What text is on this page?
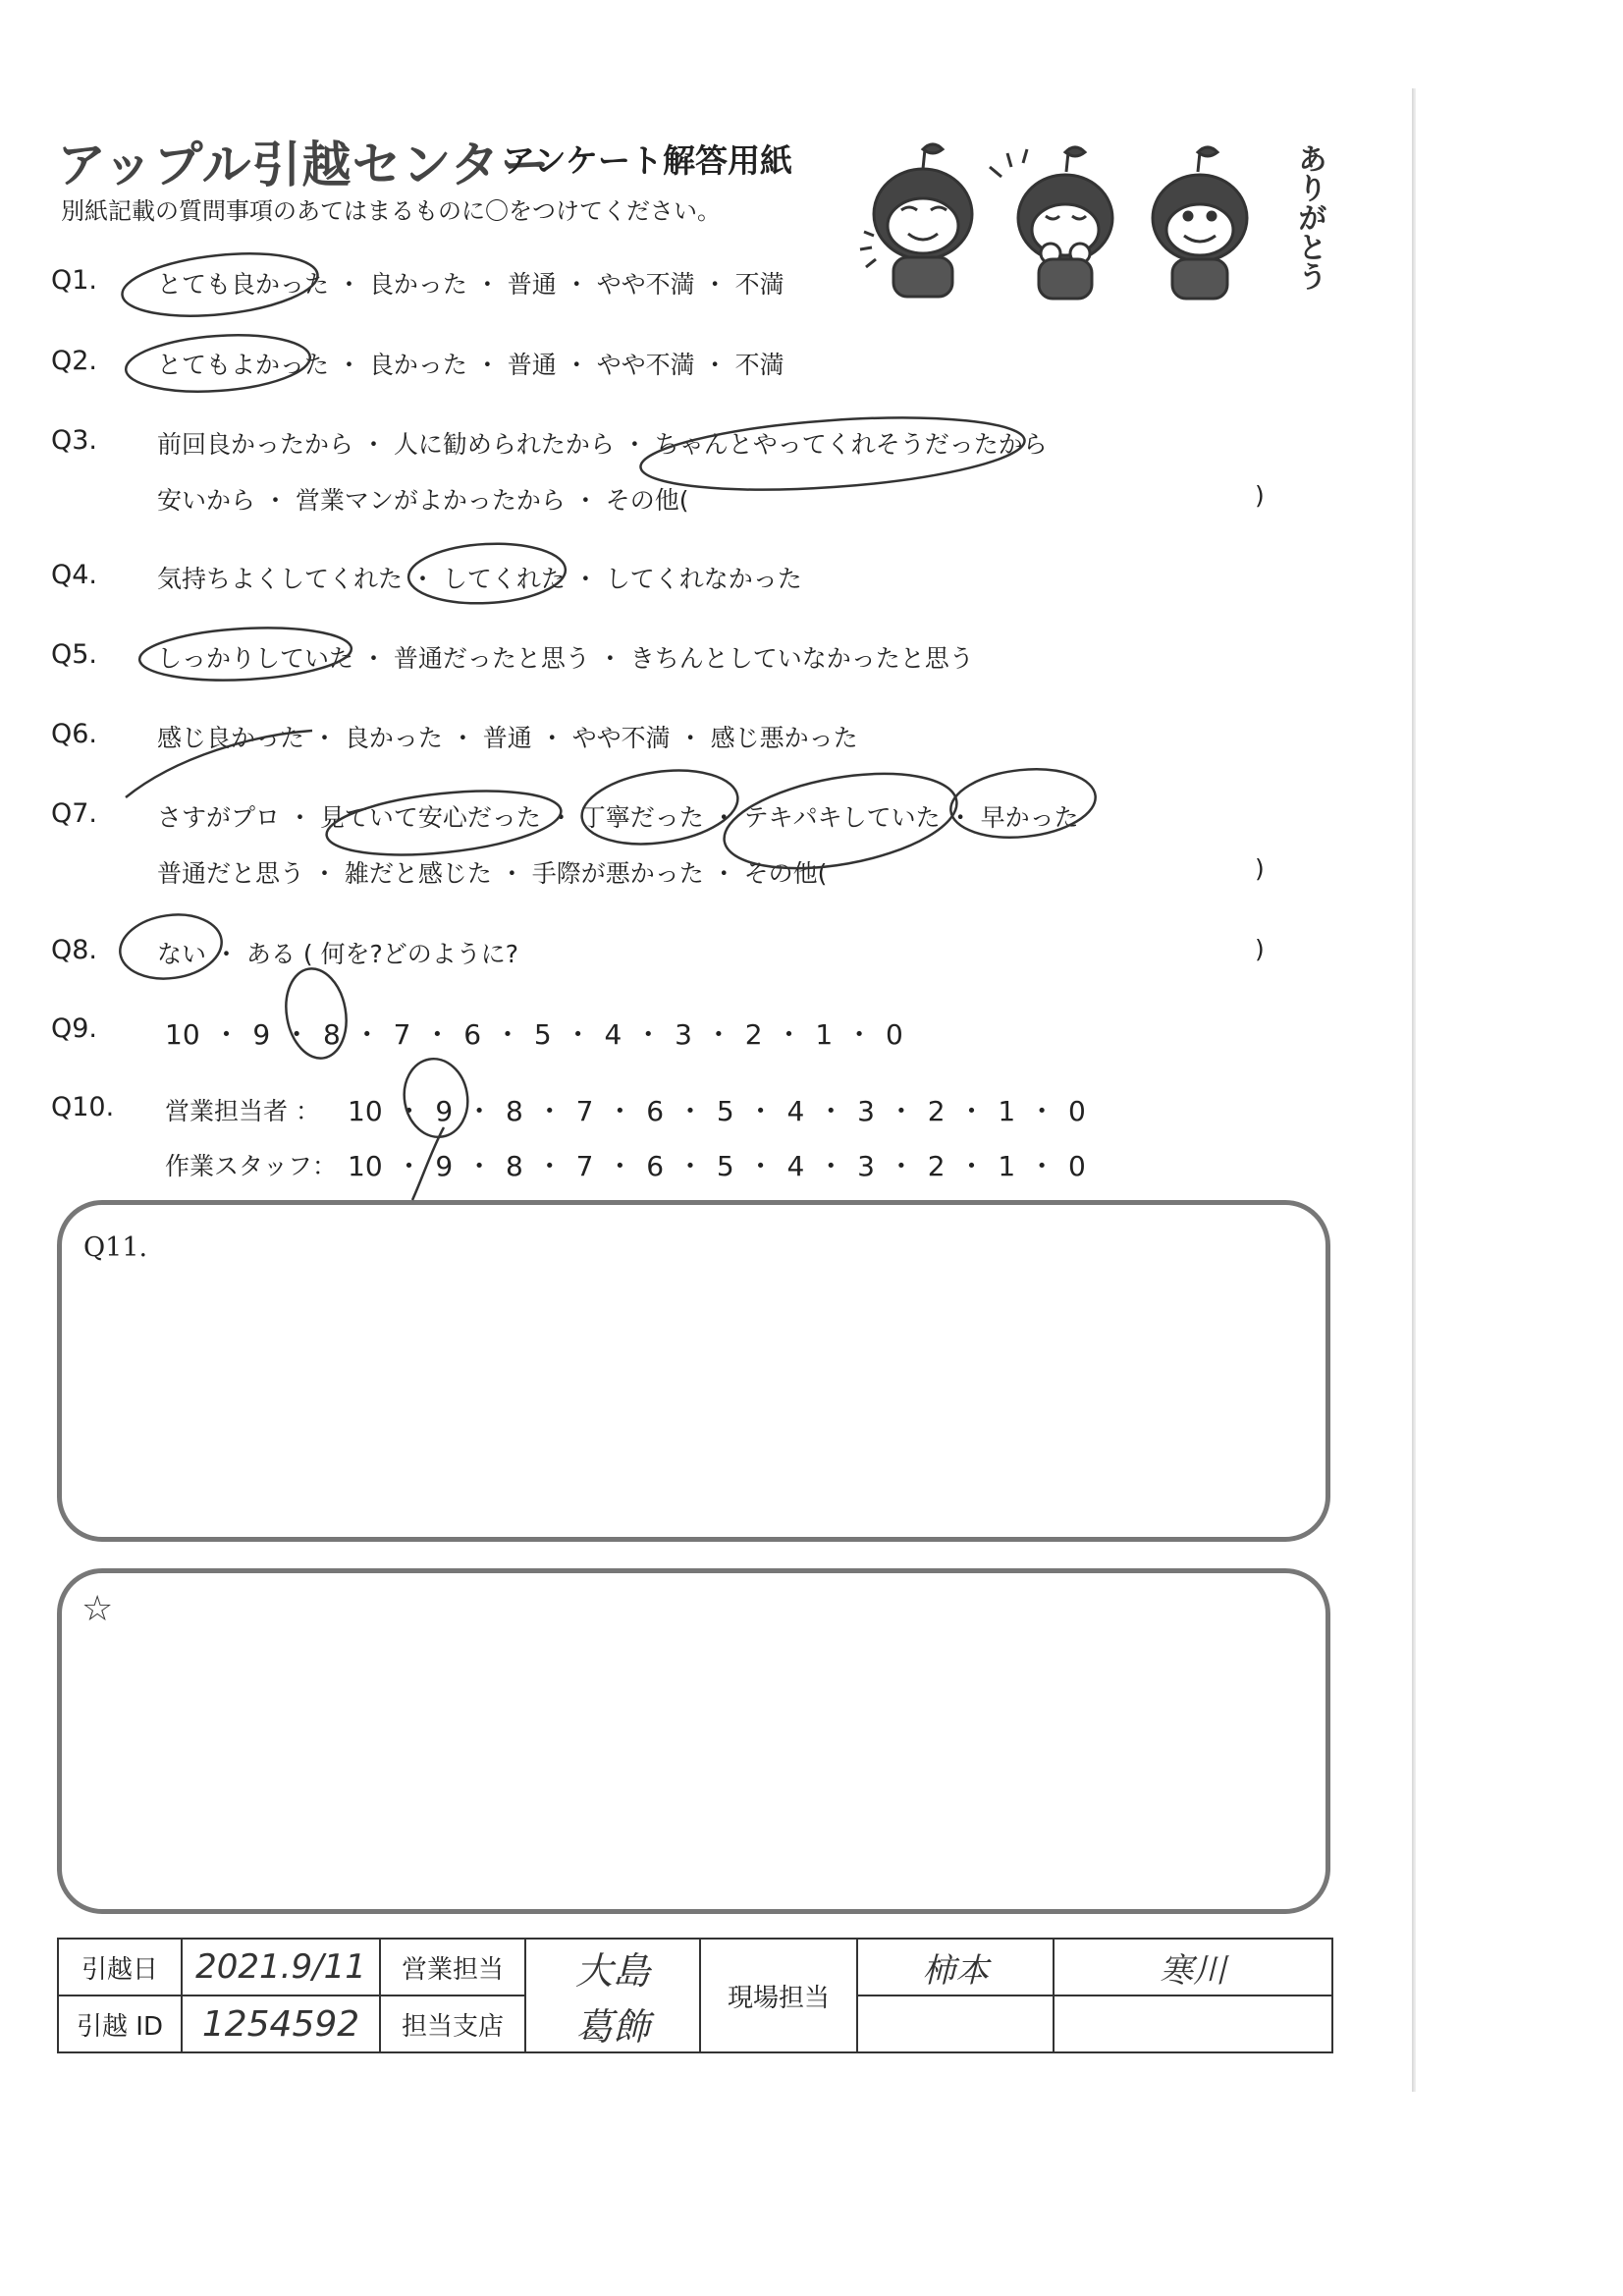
アップル引越センター
アンケート解答用紙
別紙記載の質問事項のあてはまるものに〇をつけてください。	ありがとう
Q1. とても良かった ・ 良かった ・ 普通 ・ やや不満 ・ 不満
Q2. とてもよかった ・ 良かった ・ 普通 ・ やや不満 ・ 不満
Q3. 前回良かったから ・ 人に勧められたから ・ ちゃんとやってくれそうだったから
安いから ・ 営業マンがよかったから ・ その他(	)
Q4. 気持ちよくしてくれた ・ してくれた ・ してくれなかった
Q5. しっかりしていた ・ 普通だったと思う ・ きちんとしていなかったと思う
Q6. 感じ良かった ・ 良かった ・ 普通 ・ やや不満 ・ 感じ悪かった
Q7. さすがプロ ・ 見ていて安心だった ・ 丁寧だった ・ テキパキしていた ・ 早かった
普通だと思う ・ 雑だと感じた ・ 手際が悪かった ・ その他(	)
Q8. ない ・ ある ( 何を?どのように?	)
Q9. 10 ・ 9 ・ 8 ・ 7 ・ 6 ・ 5 ・ 4 ・ 3 ・ 2 ・ 1 ・ 0
Q10. 営業担当者 ： 10 ・ 9 ・ 8 ・ 7 ・ 6 ・ 5 ・ 4 ・ 3 ・ 2 ・ 1 ・ 0
作業スタッフ： 10 ・ 9 ・ 8 ・ 7 ・ 6 ・ 5 ・ 4 ・ 3 ・ 2 ・ 1 ・ 0
Q11.
☆
引越日	2021.9/11	営業担当	大島	現場担当	柿本	寒川
引越 ID	1254592	担当支店	葛飾			
